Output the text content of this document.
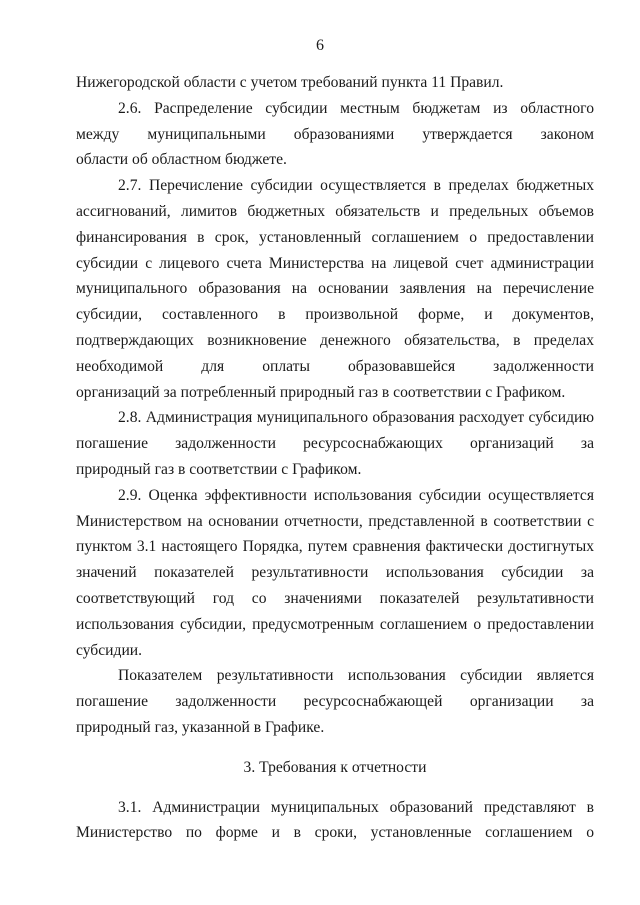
6
Нижегородской области с учетом требований пункта 11 Правил.
2.6. Распределение субсидии местным бюджетам из областного
между муниципальными образованиями утверждается законом
области об областном бюджете.
2.7. Перечисление субсидии осуществляется в пределах бюджетных
ассигнований, лимитов бюджетных обязательств и предельных объемов
финансирования в срок, установленный соглашением о предоставлении
субсидии с лицевого счета Министерства на лицевой счет администрации
муниципального образования на основании заявления на перечисление
субсидии, составленного в произвольной форме, и документов,
подтверждающих возникновение денежного обязательства, в пределах
необходимой для оплаты образовавшейся задолженности
организаций за потребленный природный газ в соответствии с Графиком.
2.8. Администрация муниципального образования расходует субсидию
погашение задолженности ресурсоснабжающих организаций за
природный газ в соответствии с Графиком.
2.9. Оценка эффективности использования субсидии осуществляется
Министерством на основании отчетности, представленной в соответствии с
пунктом 3.1 настоящего Порядка, путем сравнения фактически достигнутых
значений показателей результативности использования субсидии за
соответствующий год со значениями показателей результативности
использования субсидии, предусмотренным соглашением о предоставлении
субсидии.
Показателем результативности использования субсидии является
погашение задолженности ресурсоснабжающей организации за
природный газ, указанной в Графике.
3. Требования к отчетности
3.1. Администрации муниципальных образований представляют в
Министерство по форме и в сроки, установленные соглашением о
